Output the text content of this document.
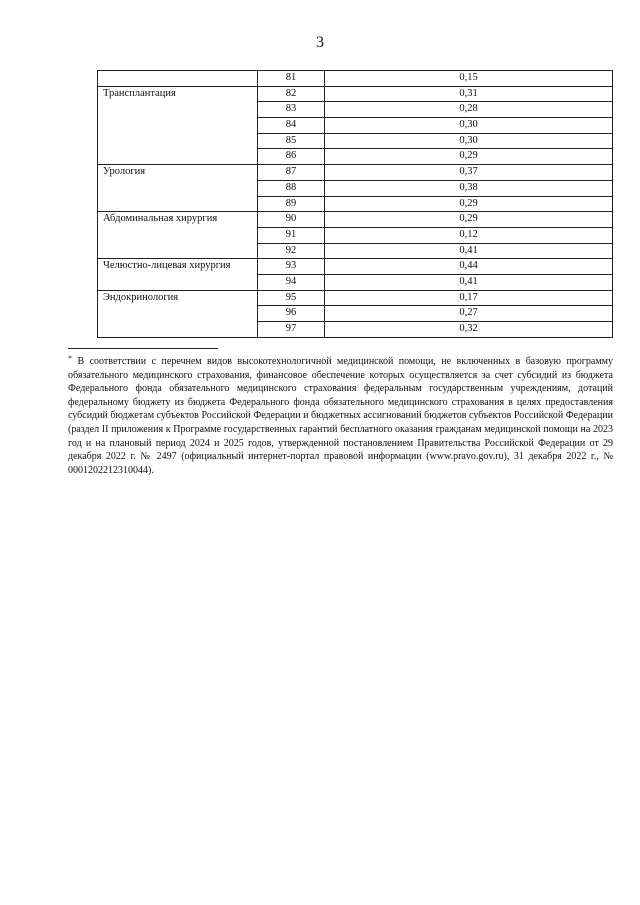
3
	81	0,15
Трансплантация	82	0,31
	83	0,28
	84	0,30
	85	0,30
	86	0,29
Урология	87	0,37
	88	0,38
	89	0,29
Абдоминальная хирургия	90	0,29
	91	0,12
	92	0,41
Челюстно-лицевая хирургия	93	0,44
	94	0,41
Эндокринология	95	0,17
	96	0,27
	97	0,32
* В соответствии с перечнем видов высокотехнологичной медицинской помощи, не включенных в базовую программу обязательного медицинского страхования, финансовое обеспечение которых осуществляется за счет субсидий из бюджета Федерального фонда обязательного медицинского страхования федеральным государственным учреждениям, дотаций федеральному бюджету из бюджета Федерального фонда обязательного медицинского страхования в целях предоставления субсидий бюджетам субъектов Российской Федерации и бюджетных ассигнований бюджетов субъектов Российской Федерации (раздел II приложения к Программе государственных гарантий бесплатного оказания гражданам медицинской помощи на 2023 год и на плановый период 2024 и 2025 годов, утвержденной постановлением Правительства Российской Федерации от 29 декабря 2022 г. № 2497 (официальный интернет-портал правовой информации (www.pravo.gov.ru), 31 декабря 2022 г., № 0001202212310044).
